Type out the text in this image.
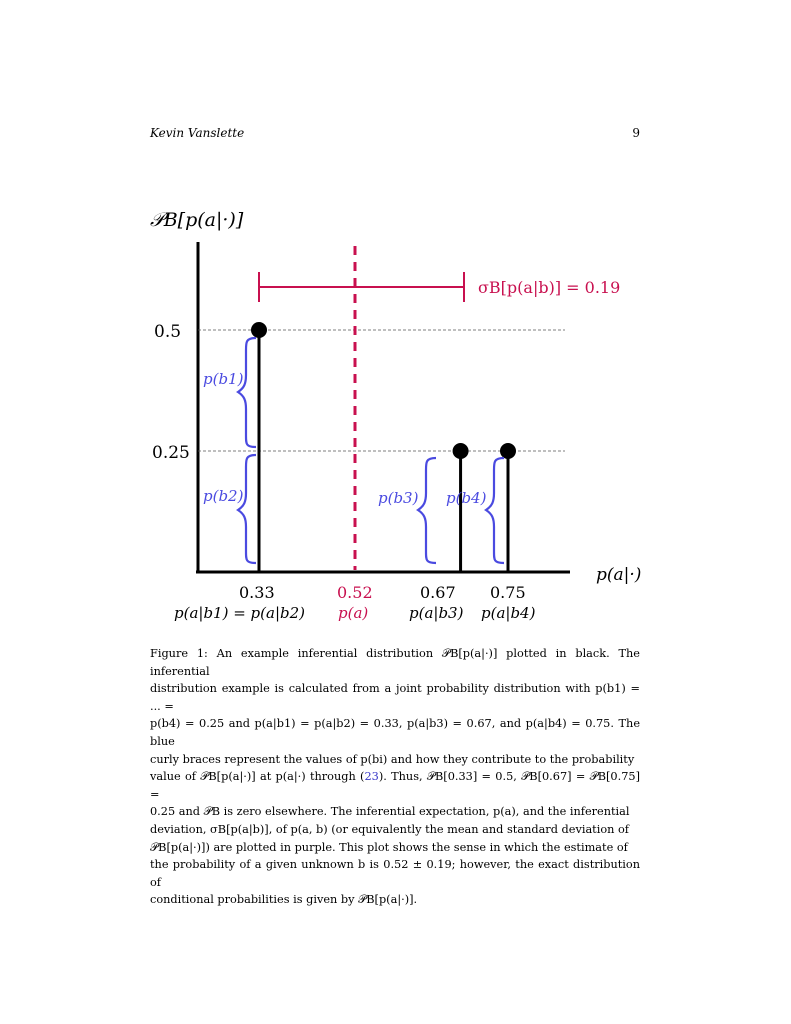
Kevin Vanslette	9
𝒫B[p(a|·)]
0.5
0.25
p(a|·)
σB[p(a|b)] = 0.19
p(b1)
p(b2)	p(b3) p(b4)
0.33	0.52	0.67 0.75
p(a|b1) = p(a|b2) p(a)	p(a|b3) p(a|b4)
Figure 1: An example inferential distribution 𝒫B[p(a|·)] plotted in black. The inferential
distribution example is calculated from a joint probability distribution with p(b1) = ... =
p(b4) = 0.25 and p(a|b1) = p(a|b2) = 0.33, p(a|b3) = 0.67, and p(a|b4) = 0.75. The blue
curly braces represent the values of p(bi) and how they contribute to the probability
value of 𝒫B[p(a|·)] at p(a|·) through (23). Thus, 𝒫B[0.33] = 0.5, 𝒫B[0.67] = 𝒫B[0.75] =
0.25 and 𝒫B is zero elsewhere. The inferential expectation, p(a), and the inferential
deviation, σB[p(a|b)], of p(a, b) (or equivalently the mean and standard deviation of
𝒫B[p(a|·)]) are plotted in purple. This plot shows the sense in which the estimate of
the probability of a given unknown b is 0.52 ± 0.19; however, the exact distribution of
conditional probabilities is given by 𝒫B[p(a|·)].
